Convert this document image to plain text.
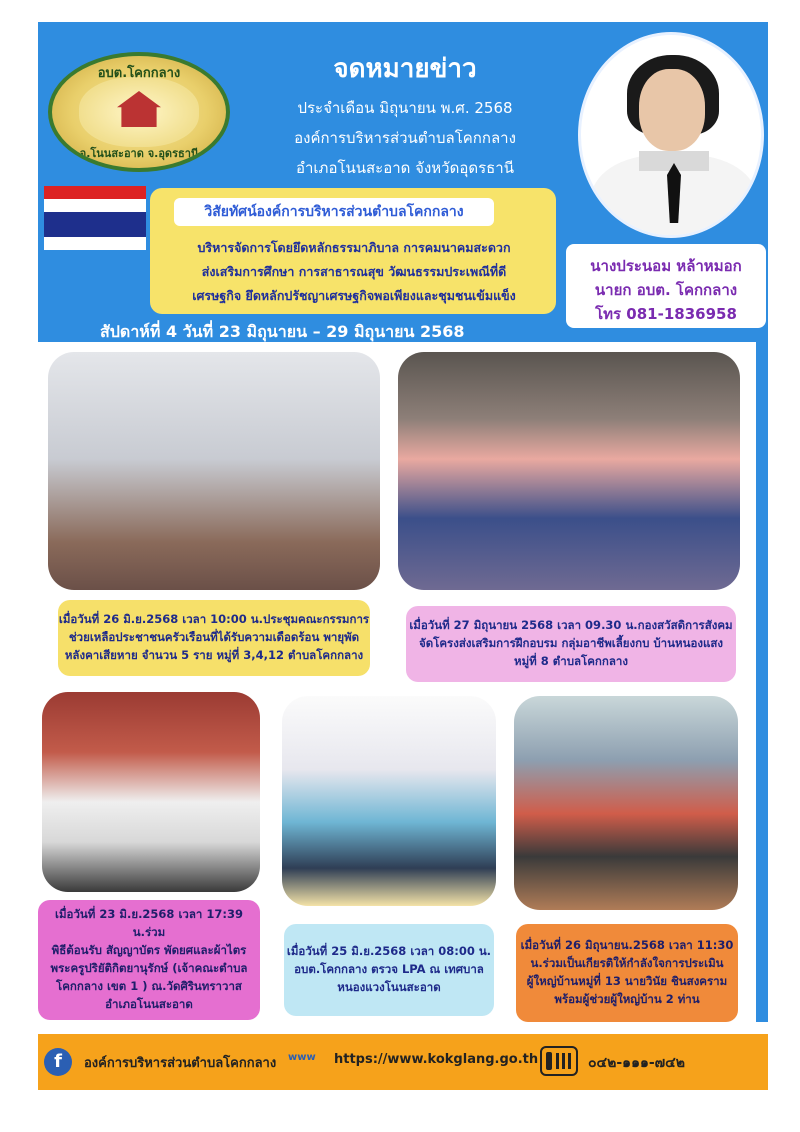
อบต.โคกกลาง
อ.โนนสะอาด จ.อุดรธานี
จดหมายข่าว
ประจำเดือน มิถุนายน พ.ศ. 2568
องค์การบริหารส่วนตำบลโคกกลาง
อำเภอโนนสะอาด จังหวัดอุดรธานี
วิสัยทัศน์องค์การบริหารส่วนตำบลโคกกลาง
บริหารจัดการโดยยึดหลักธรรมาภิบาล การคมนาคมสะดวก
ส่งเสริมการศึกษา การสาธารณสุข วัฒนธรรมประเพณีที่ดี
เศรษฐกิจ ยึดหลักปรัชญาเศรษฐกิจพอเพียงและชุมชนเข้มแข็ง
นางประนอม หล้าหมอก
นายก อบต. โคกกลาง
โทร 081-1836958
สัปดาห์ที่ 4 วันที่ 23 มิถุนายน – 29 มิถุนายน 2568
เมื่อวันที่ 26 มิ.ย.2568 เวลา 10:00 น.ประชุมคณะกรรมการ
ช่วยเหลือประชาชนครัวเรือนที่ได้รับความเดือดร้อน พายุพัด
หลังคาเสียหาย จำนวน 5 ราย หมู่ที่ 3,4,12 ตำบลโคกกลาง
เมื่อวันที่ 27 มิถุนายน 2568 เวลา 09.30 น.กองสวัสดิการสังคม
จัดโครงส่งเสริมการฝึกอบรม กลุ่มอาชีพเลี้ยงกบ บ้านหนองแสง
หมู่ที่ 8 ตำบลโคกกลาง
เมื่อวันที่ 23 มิ.ย.2568 เวลา 17:39 น.ร่วม
พิธีต้อนรับ สัญญาบัตร พัดยศและผ้าไตร
พระครูปริยัติกิตยานุรักษ์ (เจ้าคณะตำบล
โคกกลาง เขต 1 ) ณ.วัดศิรินทราวาส
อำเภอโนนสะอาด
เมื่อวันที่ 25 มิ.ย.2568 เวลา 08:00 น.
อบต.โคกกลาง ตรวจ LPA ณ เทศบาล
หนองแวงโนนสะอาด
เมื่อวันที่ 26 มิถุนายน.2568 เวลา 11:30
น.ร่วมเป็นเกียรติให้กำลังใจการประเมิน
ผู้ใหญ่บ้านหมู่ที่ 13 นายวินัย ชินสงคราม
พร้อมผู้ช่วยผู้ใหญ่บ้าน 2 ท่าน
f	องค์การบริหารส่วนตำบลโคกกลาง www https://www.kokglang.go.th	๐๔๒-๑๑๑-๗๔๒
